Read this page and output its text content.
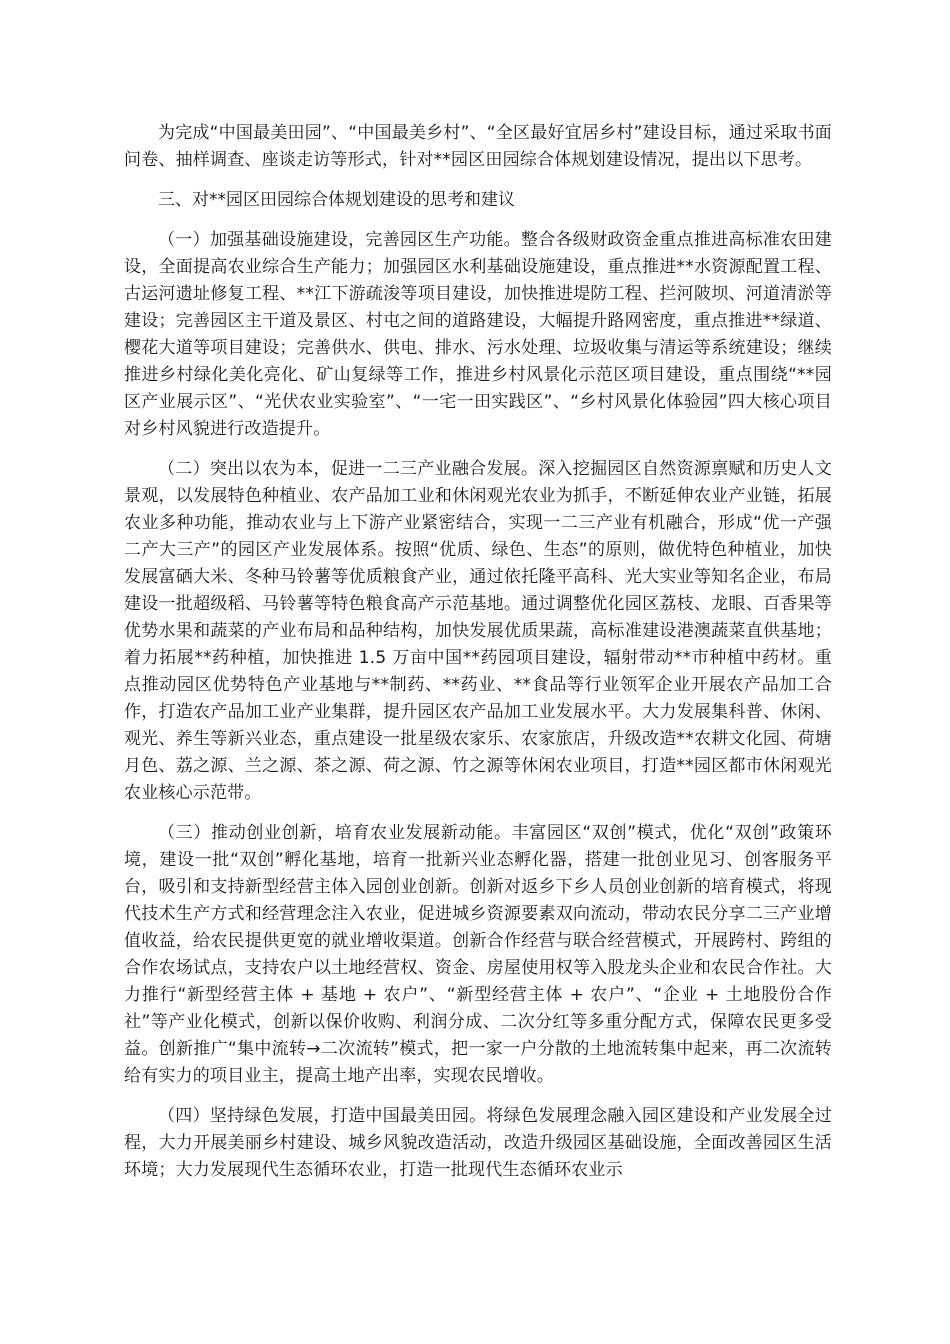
为完成“中国最美田园”、“中国最美乡村”、“全区最好宜居乡村”建设目标，通过采取书面问卷、抽样调查、座谈走访等形式，针对**园区田园综合体规划建设情况，提出以下思考。

三、对**园区田园综合体规划建设的思考和建议

（一）加强基础设施建设，完善园区生产功能。整合各级财政资金重点推进高标准农田建设，全面提高农业综合生产能力；加强园区水利基础设施建设，重点推进**水资源配置工程、古运河遗址修复工程、**江下游疏浚等项目建设，加快推进堤防工程、拦河陂坝、河道清淤等建设；完善园区主干道及景区、村屯之间的道路建设，大幅提升路网密度，重点推进**绿道、樱花大道等项目建设；完善供水、供电、排水、污水处理、垃圾收集与清运等系统建设；继续推进乡村绿化美化亮化、矿山复绿等工作，推进乡村风景化示范区项目建设，重点围绕“**园区产业展示区”、“光伏农业实验室”、“一宅一田实践区”、“乡村风景化体验园”四大核心项目对乡村风貌进行改造提升。

（二）突出以农为本，促进一二三产业融合发展。深入挖掘园区自然资源禀赋和历史人文景观，以发展特色种植业、农产品加工业和休闲观光农业为抓手，不断延伸农业产业链，拓展农业多种功能，推动农业与上下游产业紧密结合，实现一二三产业有机融合，形成“优一产强二产大三产”的园区产业发展体系。按照“优质、绿色、生态”的原则，做优特色种植业，加快发展富硒大米、冬种马铃薯等优质粮食产业，通过依托隆平高科、光大实业等知名企业，布局建设一批超级稻、马铃薯等特色粮食高产示范基地。通过调整优化园区荔枝、龙眼、百香果等优势水果和蔬菜的产业布局和品种结构，加快发展优质果蔬，高标准建设港澳蔬菜直供基地；着力拓展**药种植，加快推进 1.5 万亩中国**药园项目建设，辐射带动**市种植中药材。重点推动园区优势特色产业基地与**制药、**药业、**食品等行业领军企业开展农产品加工合作，打造农产品加工业产业集群，提升园区农产品加工业发展水平。大力发展集科普、休闲、观光、养生等新兴业态，重点建设一批星级农家乐、农家旅店，升级改造**农耕文化园、荷塘月色、荔之源、兰之源、茶之源、荷之源、竹之源等休闲农业项目，打造**园区都市休闲观光农业核心示范带。

（三）推动创业创新，培育农业发展新动能。丰富园区“双创”模式，优化“双创”政策环境，建设一批“双创”孵化基地，培育一批新兴业态孵化器，搭建一批创业见习、创客服务平台，吸引和支持新型经营主体入园创业创新。创新对返乡下乡人员创业创新的培育模式，将现代技术生产方式和经营理念注入农业，促进城乡资源要素双向流动，带动农民分享二三产业增值收益，给农民提供更宽的就业增收渠道。创新合作经营与联合经营模式，开展跨村、跨组的合作农场试点，支持农户以土地经营权、资金、房屋使用权等入股龙头企业和农民合作社。大力推行“新型经营主体 + 基地 + 农户”、“新型经营主体 + 农户”、“企业 + 土地股份合作社”等产业化模式，创新以保价收购、利润分成、二次分红等多重分配方式，保障农民更多受益。创新推广“集中流转→二次流转”模式，把一家一户分散的土地流转集中起来，再二次流转给有实力的项目业主，提高土地产出率，实现农民增收。

（四）坚持绿色发展，打造中国最美田园。将绿色发展理念融入园区建设和产业发展全过程，大力开展美丽乡村建设、城乡风貌改造活动，改造升级园区基础设施，全面改善园区生活环境；大力发展现代生态循环农业，打造一批现代生态循环农业示
